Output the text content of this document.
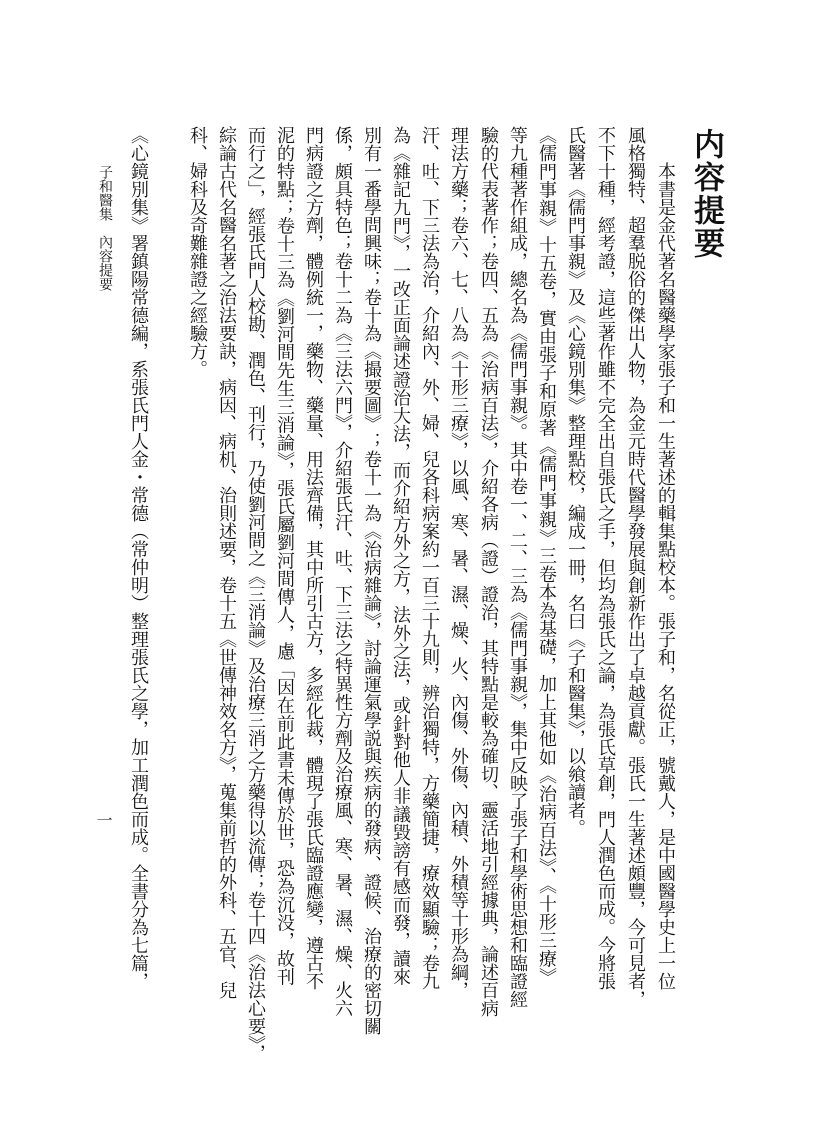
内容提要
本書是金代著名醫藥學家張子和一生著述的輯集點校本。張子和，名從正，號戴人，是中國醫學史上一位
風格獨特、超羣脱俗的傑出人物，為金元時代醫學發展與創新作出了卓越貢獻。張氏一生著述頗豐，今可見者，
不下十種，經考證，這些著作雖不完全出自張氏之手，但均為張氏之論，為張氏草創，門人潤色而成。今將張
氏醫著《儒門事親》及《心鏡別集》整理點校，編成一冊，名曰《子和醫集》，以飨讀者。
《儒門事親》十五卷，實由張子和原著《儒門事親》三卷本為基礎，加上其他如《治病百法》、《十形三療》
等九種著作組成，總名為《儒門事親》。其中卷一、二、三為《儒門事親》，集中反映了張子和學術思想和臨證經
驗的代表著作；卷四、五為《治病百法》，介紹各病（證）證治，其特點是較為確切、靈活地引經據典，論述百病
理法方藥；卷六、七、八為《十形三療》，以風、寒、暑、濕、燥、火、內傷、外傷、內積、外積等十形為綱，
汗、吐、下三法為治，介紹內、外、婦、兒各科病案約一百三十九則，辨治獨特，方藥簡捷，療效顯驗；卷九
為《雜記九門》，一改正面論述證治大法，而介紹方外之方，法外之法，或針對他人非議毀謗有感而發，讀來
別有一番學問興味；卷十為《撮要圖》；卷十一為《治病雜論》，討論運氣學説與疾病的發病、證候、治療的密切關
係，頗具特色；卷十二為《三法六門》，介紹張氏汗、吐、下三法之特異性方劑及治療風、寒、暑、濕、燥、火六
門病證之方劑，體例統一，藥物、藥量、用法齊備，其中所引古方，多經化裁，體現了張氏臨證應變，遵古不
泥的特點；卷十三為《劉河間先生三消論》，張氏屬劉河間傳人，慮「因在前此書未傳於世，恐為沉没，故刊
而行之」，經張氏門人校勘、潤色、刊行，乃使劉河間之《三消論》及治療三消之方藥得以流傳；卷十四《治法心要》，
綜論古代名醫名著之治法要訣，病因、病机、治則述要，卷十五《世傳神效名方》，蒐集前哲的外科、五官、兒
科、婦科及奇難雜證之經驗方。
《心鏡別集》署鎮陽常德編，系張氏門人金・常德（常仲明）整理張氏之學，加工潤色而成。全書分為七篇，
子和醫集　內容提要
一
